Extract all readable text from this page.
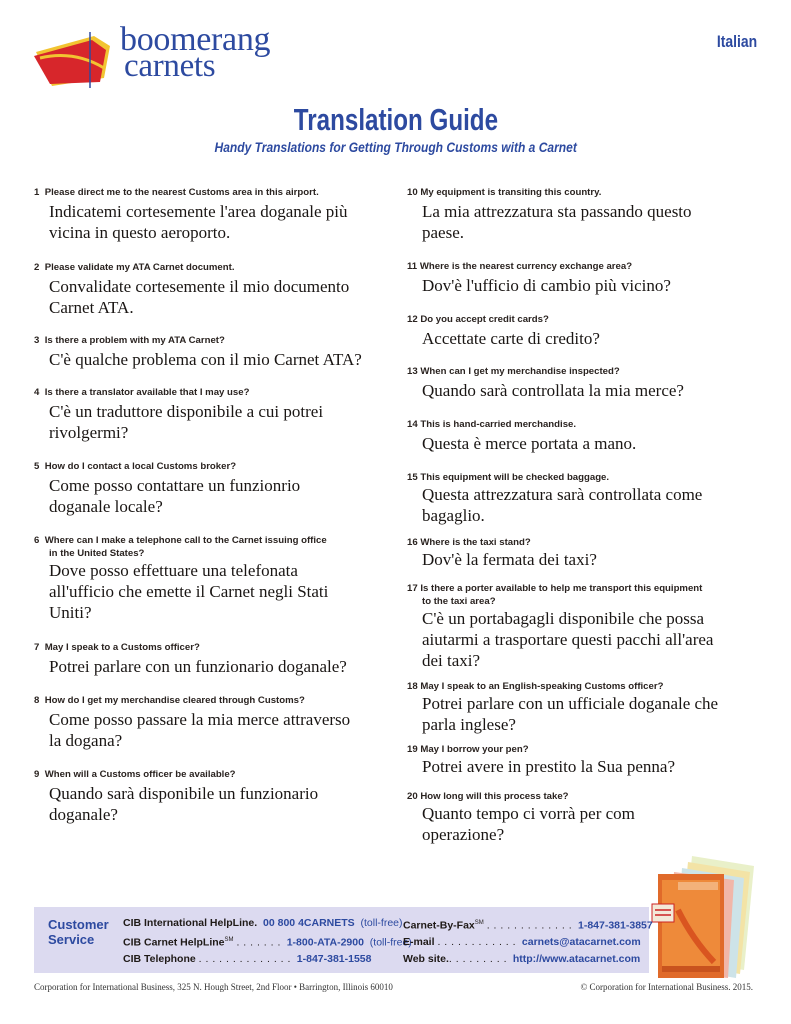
boomerang
carnets
Italian
Translation Guide
Handy Translations for Getting Through Customs with a Carnet
1 Please direct me to the nearest Customs area in this airport.
Indicatemi cortesemente l'area doganale più
vicina in questo aeroporto.
2 Please validate my ATA Carnet document.
Convalidate cortesemente il mio documento
Carnet ATA.
3 Is there a problem with my ATA Carnet?
C'è qualche problema con il mio Carnet ATA?
4 Is there a translator available that I may use?
C'è un traduttore disponibile a cui potrei
rivolgermi?
5 How do I contact a local Customs broker?
Come posso contattare un funzionrio
doganale locale?
6 Where can I make a telephone call to the Carnet issuing office
in the United States?
Dove posso effettuare una telefonata
all'ufficio che emette il Carnet negli Stati
Uniti?
7 May I speak to a Customs officer?
Potrei parlare con un funzionario doganale?
8 How do I get my merchandise cleared through Customs?
Come posso passare la mia merce attraverso
la dogana?
9 When will a Customs officer be available?
Quando sarà disponibile un funzionario
doganale?
10 My equipment is transiting this country.
La mia attrezzatura sta passando questo
paese.
11 Where is the nearest currency exchange area?
Dov'è l'ufficio di cambio più vicino?
12 Do you accept credit cards?
Accettate carte di credito?
13 When can I get my merchandise inspected?
Quando sarà controllata la mia merce?
14 This is hand-carried merchandise.
Questa è merce portata a mano.
15 This equipment will be checked baggage.
Questa attrezzatura sarà controllata come
bagaglio.
16 Where is the taxi stand?
Dov'è la fermata dei taxi?
17 Is there a porter available to help me transport this equipment
to the taxi area?
C'è un portabagagli disponibile che possa
aiutarmi a trasportare questi pacchi all'area
dei taxi?
18 May I speak to an English-speaking Customs officer?
Potrei parlare con un ufficiale doganale che
parla inglese?
19 May I borrow your pen?
Potrei avere in prestito la Sua penna?
20 How long will this process take?
Quanto tempo ci vorrà per com
operazione?
Customer
Service
CIB International HelpLine. 00 800 4CARNETS (toll-free)
CIB Carnet HelpLine℠ . . . . . . . 1-800-ATA-2900 (toll-free)
CIB Telephone . . . . . . . . . . . . . . 1-847-381-1558
Carnet-By-Fax℠ . . . . . . . . . . . . . 1-847-381-3857
E-mail . . . . . . . . . . . . carnets@atacarnet.com
Web site.. . . . . . . . . http://www.atacarnet.com
Corporation for International Business, 325 N. Hough Street, 2nd Floor • Barrington, Illinois 60010	© Corporation for International Business. 2015.
